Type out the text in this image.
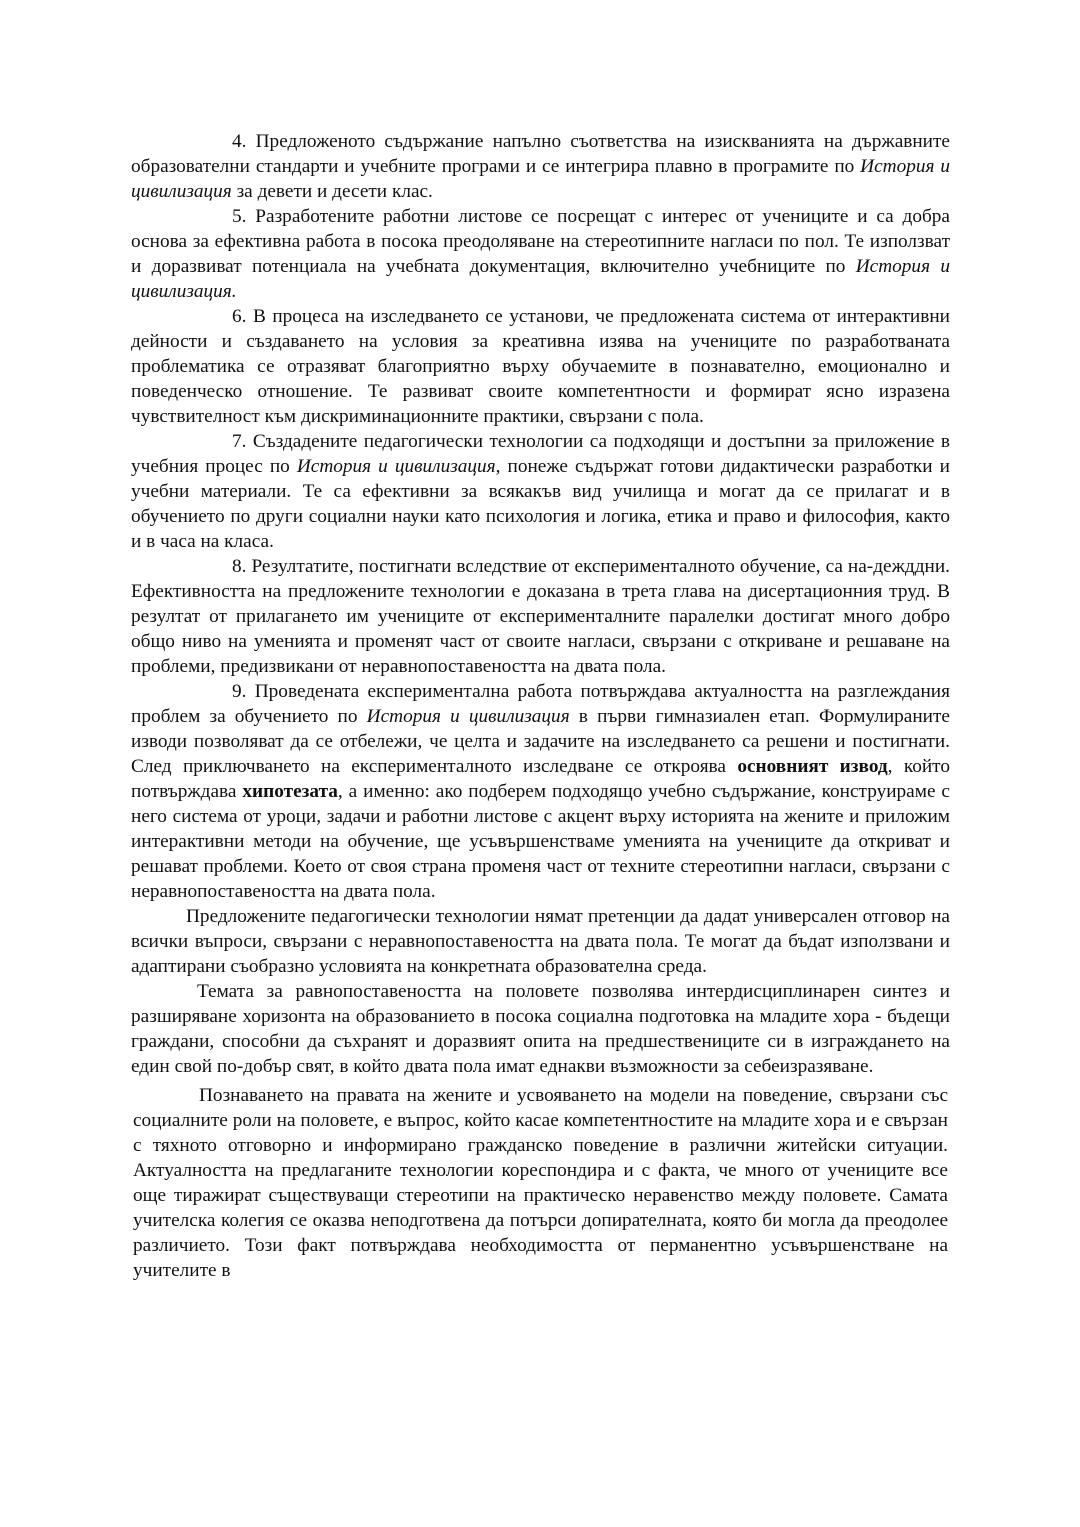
4. Предложеното съдържание напълно съответства на изискванията на държавните образователни стандарти и учебните програми и се интегрира плавно в програмите по История и цивилизация за девети и десети клас.

5. Разработените работни листове се посрещат с интерес от учениците и са добра основа за ефективна работа в посока преодоляване на стереотипните нагласи по пол. Те използват и доразвиват потенциала на учебната документация, включително учебниците по История и цивилизация.

6. В процеса на изследването се установи, че предложената система от интерактивни дейности и създаването на условия за креативна изява на учениците по разработваната проблематика се отразяват благоприятно върху обучаемите в познавателно, емоционално и поведенческо отношение. Те развиват своите компетентности и формират ясно изразена чувствителност към дискриминационните практики, свързани с пола.

7. Създадените педагогически технологии са подходящи и достъпни за приложение в учебния процес по История и цивилизация, понеже съдържат готови дидактически разработки и учебни материали. Те са ефективни за всякакъв вид училища и могат да се прилагат и в обучението по други социални науки като психология и логика, етика и право и философия, както и в часа на класа.

8. Резултатите, постигнати вследствие от експерименталното обучение, са на-дежддни. Ефективността на предложените технологии е доказана в трета глава на дисертационния труд. В резултат от прилагането им учениците от експерименталните паралелки достигат много добро общо ниво на уменията и променят част от своите нагласи, свързани с откриване и решаване на проблеми, предизвикани от неравнопоставеността на двата пола.

9. Проведената експериментална работа потвърждава актуалността на разглеждания проблем за обучението по История и цивилизация в първи гимназиален етап. Формулираните изводи позволяват да се отбележи, че целта и задачите на изследването са решени и постигнати. След приключването на експерименталното изследване се откроява основният извод, който потвърждава хипотезата, а именно: ако подберем подходящо учебно съдържание, конструираме с него система от уроци, задачи и работни листове с акцент върху историята на жените и приложим интерактивни методи на обучение, ще усъвършенстваме уменията на учениците да откриват и решават проблеми. Което от своя страна променя част от техните стереотипни нагласи, свързани с неравнопоставеността на двата пола.

Предложените педагогически технологии нямат претенции да дадат универсален отговор на всички въпроси, свързани с неравнопоставеността на двата пола. Те могат да бъдат използвани и адаптирани съобразно условията на конкретната образователна среда.

Темата за равнопоставеността на половете позволява интердисциплинарен синтез и разширяване хоризонта на образованието в посока социална подготовка на младите хора - бъдещи граждани, способни да съхранят и доразвият опита на предшествениците си в изграждането на един свой по-добър свят, в който двата пола имат еднакви възможности за себеизразяване.

Познаването на правата на жените и усвояването на модели на поведение, свързани със социалните роли на половете, е въпрос, който касае компетентностите на младите хора и е свързан с тяхното отговорно и информирано гражданско поведение в различни житейски ситуации. Актуалността на предлаганите технологии кореспондира и с факта, че много от учениците все още тиражират съществуващи стереотипи на практическо неравенство между половете. Самата учителска колегия се оказва неподготвена да потърси допирателната, която би могла да преодолее различието. Този факт потвърждава необходимостта от перманентно усъвършенстване на учителите в
